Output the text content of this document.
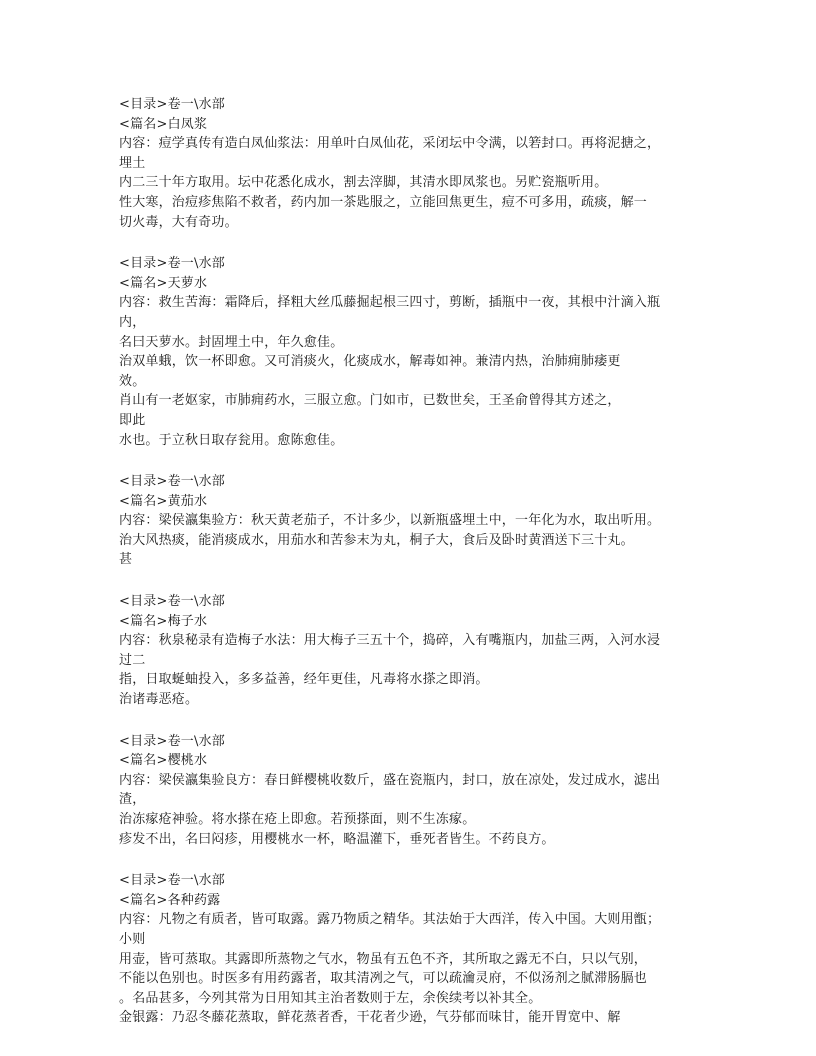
<目录>卷一\水部
<篇名>白凤浆
内容：痘学真传有造白凤仙浆法：用单叶白凤仙花，采闭坛中令满，以箬封口。再将泥搪之，
埋土
内二三十年方取用。坛中花悉化成水，割去滓脚，其清水即凤浆也。另贮瓷瓶听用。
性大寒，治痘疹焦陷不救者，药内加一茶匙服之，立能回焦更生，痘不可多用，疏痰，解一
切火毒，大有奇功。
<目录>卷一\水部
<篇名>天萝水
内容：救生苦海：霜降后，择粗大丝瓜藤掘起根三四寸，剪断，插瓶中一夜，其根中汁滴入瓶
内，
名曰天萝水。封固埋土中，年久愈佳。
治双单蛾，饮一杯即愈。又可消痰火，化痰成水，解毒如神。兼清内热，治肺痈肺痿更
效。
肖山有一老妪家，市肺痈药水，三服立愈。门如市，已数世矣，王圣俞曾得其方述之，
即此
水也。于立秋日取存瓮用。愈陈愈佳。
<目录>卷一\水部
<篇名>黄茄水
内容：梁侯瀛集验方：秋天黄老茄子，不计多少，以新瓶盛埋土中，一年化为水，取出听用。
治大风热痰，能消痰成水，用茄水和苦参末为丸，桐子大，食后及卧时黄酒送下三十丸。
甚
<目录>卷一\水部
<篇名>梅子水
内容：秋泉秘录有造梅子水法：用大梅子三五十个，捣碎，入有嘴瓶内，加盐三两，入河水浸
过二
指，日取蜒蚰投入，多多益善，经年更佳，凡毒将水搽之即消。
治诸毒恶疮。
<目录>卷一\水部
<篇名>樱桃水
内容：梁侯瀛集验良方：春日鲜樱桃收数斤，盛在瓷瓶内，封口，放在凉处，发过成水，滤出
渣，
治冻瘃疮神验。将水搽在疮上即愈。若预搽面，则不生冻瘃。
疹发不出，名曰闷疹，用樱桃水一杯，略温灌下，垂死者皆生。不药良方。
<目录>卷一\水部
<篇名>各种药露
内容：凡物之有质者，皆可取露。露乃物质之精华。其法始于大西洋，传入中国。大则用甑；
小则
用壶，皆可蒸取。其露即所蒸物之气水，物虽有五色不齐，其所取之露无不白，只以气别，
不能以色别也。时医多有用药露者，取其清冽之气，可以疏瀹灵府，不似汤剂之腻滞肠膈也
。名品甚多，今列其常为日用知其主治者数则于左，余俟续考以补其全。
金银露：乃忍冬藤花蒸取，鲜花蒸者香，干花者少逊，气芬郁而味甘，能开胃宽中、解
